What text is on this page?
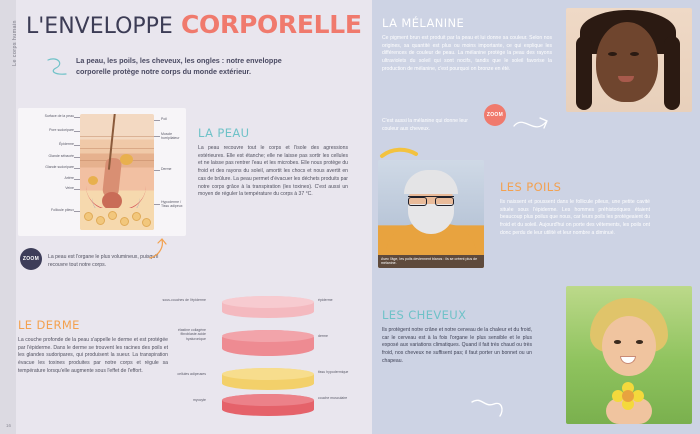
Le corps humain
16
L'ENVELOPPE CORPORELLE
La peau, les poils, les cheveux, les ongles : notre enveloppe corporelle protège notre corps du monde extérieur.
Surface de la peau
Pore sudoripare
Épiderme
Glande sébacée
Glande sudoripare
Artère
Veine
Follicule pileux
Poil
Muscle horripilateur
Derme
Hypoderme / Tissu adipeux
LA PEAU
La peau recouvre tout le corps et l'isole des agressions extérieures. Elle est étanche; elle ne laisse pas sortir les cellules et ne laisse pas rentrer l'eau et les microbes. Elle nous protège du froid et des rayons du soleil, amortit les chocs et nous avertit en cas de brûlure. La peau permet d'évacuer les déchets produits par notre corps grâce à la transpiration (les toxines). C'est aussi un moyen de réguler la température du corps à 37 °C.
ZOOM La peau est l'organe le plus volumineux, puisqu'il recouvre tout notre corps.
LE DERME
La couche profonde de la peau s'appelle le derme et est protégée par l'épiderme. Dans le derme se trouvent les racines des poils et les glandes sudoripares, qui produisent la sueur. La transpiration évacue les toxines produites par notre corps et régule sa température lorsqu'elle augmente sous l'effet de l'effort.
sous-couches de l'épiderme
élastine collagène fibroblaste acide hyaluronique
cellules adipeuses
myocyte
épiderme
derme
tissu hypodermique
couche musculaire
LA MÉLANINE
Ce pigment brun est produit par la peau et lui donne sa couleur. Selon nos origines, sa quantité est plus ou moins importante, ce qui explique les différences de couleur de peau. La mélanine protège la peau des rayons ultraviolets du soleil qui sont nocifs, tandis que le soleil favorise la production de mélanine, c'est pourquoi on bronze en été.
ZOOM
C'est aussi la mélanine qui donne leur couleur aux cheveux.
LES POILS
Ils naissent et poussent dans le follicule pileux, une petite cavité située sous l'épiderme. Les hommes préhistoriques étaient beaucoup plus poilus que nous, car leurs poils les protégeaient du froid et du soleil. Aujourd'hui on porte des vêtements, les poils ont donc perdu de leur utilité et leur nombre a diminué.
Avec l'âge, les poils deviennent blancs : ils se créent plus de mélanine.
LES CHEVEUX
Ils protègent notre crâne et notre cerveau de la chaleur et du froid, car le cerveau est à la fois l'organe le plus sensible et le plus exposé aux variations climatiques. Quand il fait très chaud ou très froid, nos cheveux ne suffisent pas; il faut porter un bonnet ou un chapeau.
